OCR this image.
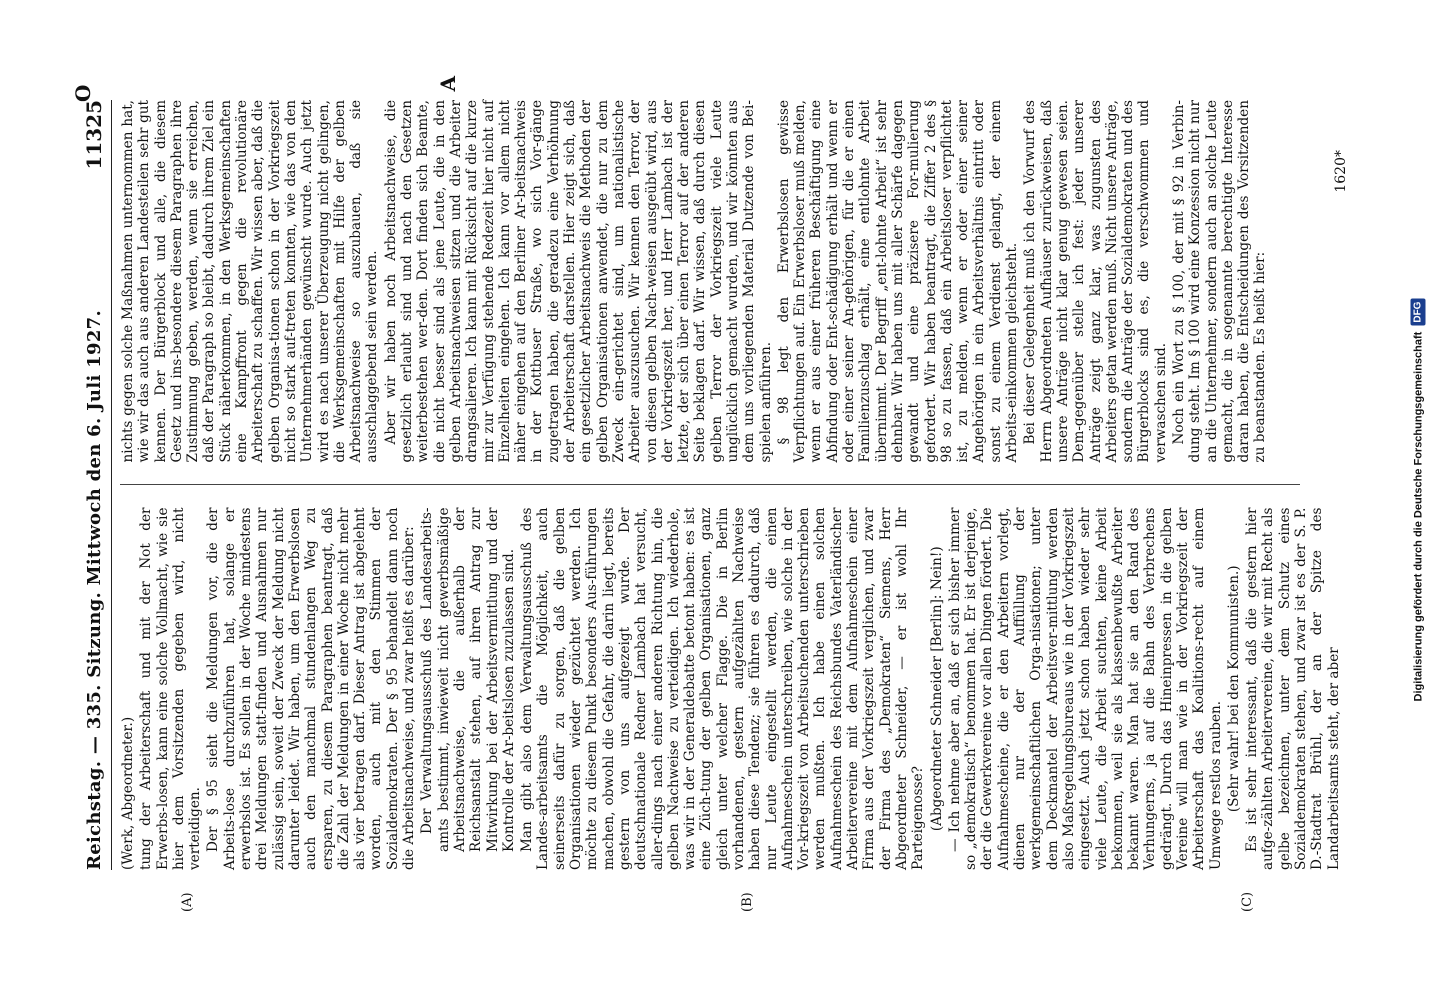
Reichstag. — 335. Sitzung. Mittwoch den 6. Juli 1927.
11325
O
(A)	(B)	(C)

(Werk, Abgeordneter.) tung der Arbeiterschaft und mit der Not der Erwerbs-losen, kann eine solche Vollmacht, wie sie hier dem Vorsitzenden gegeben wird, nicht verteidigen. Der § 95 sieht die Meldungen vor, die der Arbeits-lose durchzuführen hat, solange er erwerbslos ist. Es sollen in der Woche mindestens drei Meldungen statt-finden und Ausnahmen nur zulässig sein, soweit der Zweck der Meldung nicht darunter leidet. Wir haben, um den Erwerbslosen auch den manchmal stundenlangen Weg zu ersparen, zu diesem Paragraphen beantragt, daß die Zahl der Meldungen in einer Woche nicht mehr als vier betragen darf. Dieser Antrag ist abgelehnt worden, auch mit den Stimmen der Sozialdemokraten. Der § 95 behandelt dann noch die Arbeitsnachweise, und zwar heißt es darüber: Der Verwaltungsausschuß des Landesarbeits-amts bestimmt, inwieweit nicht gewerbsmäßige Arbeitsnachweise, die außerhalb der Reichsanstalt stehen, auf ihren Antrag zur Mitwirkung bei der Arbeitsvermittlung und der Kontrolle der Ar-beitslosen zuzulassen sind. Man gibt also dem Verwaltungsausschuß des Landes-arbeitsamts die Möglichkeit, auch seinerseits dafür zu sorgen, daß die gelben Organisationen wieder gezüchtet werden. Ich möchte zu diesem Punkt besonders Aus-führungen machen, obwohl die Gefahr, die darin liegt, bereits gestern von uns aufgezeigt wurde. Der deutschnationale Redner Lambach hat versucht, aller-dings nach einer anderen Richtung hin, die gelben Nachweise zu verteidigen. Ich wiederhole, was wir in der Generaldebatte betont haben: es ist eine Züch-tung der gelben Organisationen, ganz gleich unter welcher Flagge. Die in Berlin vorhandenen, gestern aufgezählten Nachweise haben diese Tendenz; sie führen es dadurch, daß nur Leute eingestellt werden, die einen Aufnahmeschein unterschreiben, wie solche in der Vor-kriegszeit von Arbeitsuchenden unterschrieben werden mußten. Ich habe einen solchen Aufnahmeschein des Reichsbundes Vaterländischer Arbeitervereine mit dem Aufnahmeschein einer Firma aus der Vorkriegszeit verglichen, und zwar der Firma des „Demokraten“ Siemens, Herr Abgeordneter Schneider, — er ist wohl Ihr Parteigenosse? (Abgeordneter Schneider [Berlin]: Nein!) — Ich nehme aber an, daß er sich bisher immer so „demokratisch“ benommen hat. Er ist derjenige, der die Gewerkvereine vor allen Dingen fördert. Die Aufnahmescheine, die er den Arbeitern vorlegt, dienen nur der Auffüllung der werkgemeinschaftlichen Orga-nisationen; unter dem Deckmantel der Arbeitsver-mittlung werden also Maßregelungsbureaus wie in der Vorkriegszeit eingesetzt. Auch jetzt schon haben wieder sehr viele Leute, die Arbeit suchten, keine Arbeit bekommen, weil sie als klassenbewußte Arbeiter bekannt waren. Man hat sie an den Rand des Verhungerns, ja auf die Bahn des Verbrechens gedrängt. Durch das Hineinpressen in die gelben Vereine will man wie in der Vorkriegszeit der Arbeiterschaft das Koalitions-recht auf einem Umwege restlos rauben. (Sehr wahr! bei den Kommunisten.) Es ist sehr interessant, daß die gestern hier aufge-zählten Arbeitervereine, die wir mit Recht als gelbe bezeichnen, unter dem Schutz eines Sozialdemokraten stehen, und zwar ist es der S. P. D.-Stadtrat Brühl, der an der Spitze des Landarbeitsamts steht, der aber

A

nichts gegen solche Maßnahmen unternommen hat, wie wir das auch aus anderen Landesteilen sehr gut kennen. Der Bürgerblock und alle, die diesem Gesetz und ins-besondere diesem Paragraphen ihre Zustimmung geben, werden, wenn sie erreichen, daß der Paragraph so bleibt, dadurch ihrem Ziel ein Stück näherkommen, in den Werksgemeinschaften eine Kampffront gegen die revolutionäre Arbeiterschaft zu schaffen. Wir wissen aber, daß die gelben Organisa-tionen schon in der Vorkriegszeit nicht so stark auf-treten konnten, wie das von den Unternehmerhänden gewünscht wurde. Auch jetzt wird es nach unserer Überzeugung nicht gelingen, die Werksgemeinschaften mit Hilfe der gelben Arbeitsnachweise so auszubauen, daß sie ausschlaggebend sein werden. Aber wir haben noch Arbeitsnachweise, die gesetzlich erlaubt sind und nach den Gesetzen weiterbestehen wer-den. Dort finden sich Beamte, die nicht besser sind als jene Leute, die in den gelben Arbeitsnachweisen sitzen und die Arbeiter drangsalieren. Ich kann mit Rücksicht auf die kurze mir zur Verfügung stehende Redezeit hier nicht auf Einzelheiten eingehen. Ich kann vor allem nicht näher eingehen auf den Berliner Ar-beitsnachweis in der Kottbuser Straße, wo sich Vor-gänge zugetragen haben, die geradezu eine Verhöhnung der Arbeiterschaft darstellen. Hier zeigt sich, daß ein gesetzlicher Arbeitsnachweis die Methoden der gelben Organisationen anwendet, die nur zu dem Zweck ein-gerichtet sind, um nationalistische Arbeiter auszusuchen. Wir kennen den Terror, der von diesen gelben Nach-weisen ausgeübt wird, aus der Vorkriegszeit her, und Herr Lambach ist der letzte, der sich über einen Terror auf der anderen Seite beklagen darf. Wir wissen, daß durch diesen gelben Terror der Vorkriegszeit viele Leute unglücklich gemacht wurden, und wir könnten aus dem uns vorliegenden Material Dutzende von Bei-spielen anführen. § 98 legt den Erwerbslosen gewisse Verpflichtungen auf. Ein Erwerbsloser muß melden, wenn er aus einer früheren Beschäftigung eine Abfindung oder Ent-schädigung erhält und wenn er oder einer seiner An-gehörigen, für die er einen Familienzuschlag erhält, eine entlohnte Arbeit übernimmt. Der Begriff „ent-lohnte Arbeit“ ist sehr dehnbar. Wir haben uns mit aller Schärfe dagegen gewandt und eine präzisere For-mulierung gefordert. Wir haben beantragt, die Ziffer 2 des § 98 so zu fassen, daß ein Arbeitsloser verpflichtet ist, zu melden, wenn er oder einer seiner Angehörigen in ein Arbeitsverhältnis eintritt oder sonst zu einem Verdienst gelangt, der einem Arbeits-einkommen gleichsteht. Bei dieser Gelegenheit muß ich den Vorwurf des Herrn Abgeordneten Aufhäuser zurückweisen, daß unsere Anträge nicht klar genug gewesen seien. Dem-gegenüber stelle ich fest: jeder unserer Anträge zeigt ganz klar, was zugunsten des Arbeiters getan werden muß. Nicht unsere Anträge, sondern die Anträge der Sozialdemokraten und des Bürgerblocks sind es, die verschwommen und verwaschen sind. Noch ein Wort zu § 100, der mit § 92 in Verbin-dung steht. Im § 100 wird eine Konzession nicht nur an die Unternehmer, sondern auch an solche Leute gemacht, die in sogenannte berechtigte Interesse daran haben, die Entscheidungen des Vorsitzenden zu beanstanden. Es heißt hier:

1620*
Digitalisierung gefördert durch die Deutsche Forschungsgemeinschaft
DFG
